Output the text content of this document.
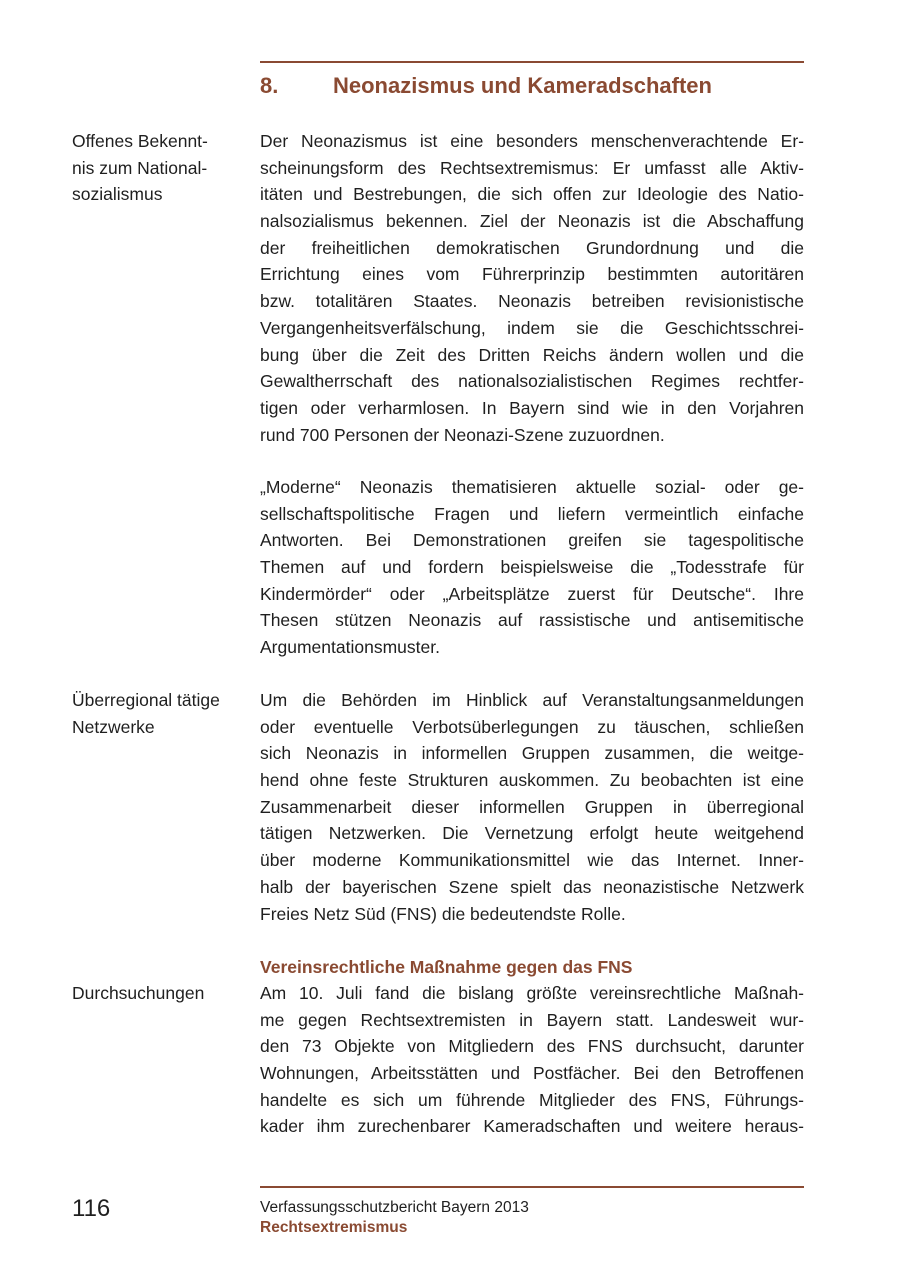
8. Neonazismus und Kameradschaften
Offenes Bekennt-
nis zum National-
sozialismus
Überregional tätige
Netzwerke
Durchsuchungen
Der Neonazismus ist eine besonders menschenverachtende Er-
scheinungsform des Rechtsextremismus: Er umfasst alle Aktiv-
itäten und Bestrebungen, die sich offen zur Ideologie des Natio-
nalsozialismus bekennen. Ziel der Neonazis ist die Abschaffung
der freiheitlichen demokratischen Grundordnung und die
Errichtung eines vom Führerprinzip bestimmten autoritären
bzw. totalitären Staates. Neonazis betreiben revisionistische
Vergangenheitsverfälschung, indem sie die Geschichtsschrei-
bung über die Zeit des Dritten Reichs ändern wollen und die
Gewaltherrschaft des nationalsozialistischen Regimes rechtfer-
tigen oder verharmlosen. In Bayern sind wie in den Vorjahren
rund 700 Personen der Neonazi-Szene zuzuordnen.
„Moderne“ Neonazis thematisieren aktuelle sozial- oder ge-
sellschaftspolitische Fragen und liefern vermeintlich einfache
Antworten. Bei Demonstrationen greifen sie tagespolitische
Themen auf und fordern beispielsweise die „Todesstrafe für
Kindermörder“ oder „Arbeitsplätze zuerst für Deutsche“. Ihre
Thesen stützen Neonazis auf rassistische und antisemitische
Argumentationsmuster.
Um die Behörden im Hinblick auf Veranstaltungsanmeldungen
oder eventuelle Verbotsüberlegungen zu täuschen, schließen
sich Neonazis in informellen Gruppen zusammen, die weitge-
hend ohne feste Strukturen auskommen. Zu beobachten ist eine
Zusammenarbeit dieser informellen Gruppen in überregional
tätigen Netzwerken. Die Vernetzung erfolgt heute weitgehend
über moderne Kommunikationsmittel wie das Internet. Inner-
halb der bayerischen Szene spielt das neonazistische Netzwerk
Freies Netz Süd (FNS) die bedeutendste Rolle.
Vereinsrechtliche Maßnahme gegen das FNS
Am 10. Juli fand die bislang größte vereinsrechtliche Maßnah-
me gegen Rechtsextremisten in Bayern statt. Landesweit wur-
den 73 Objekte von Mitgliedern des FNS durchsucht, darunter
Wohnungen, Arbeitsstätten und Postfächer. Bei den Betroffenen
handelte es sich um führende Mitglieder des FNS, Führungs-
kader ihm zurechenbarer Kameradschaften und weitere heraus-
116	Verfassungsschutzbericht Bayern 2013
Rechtsextremismus
